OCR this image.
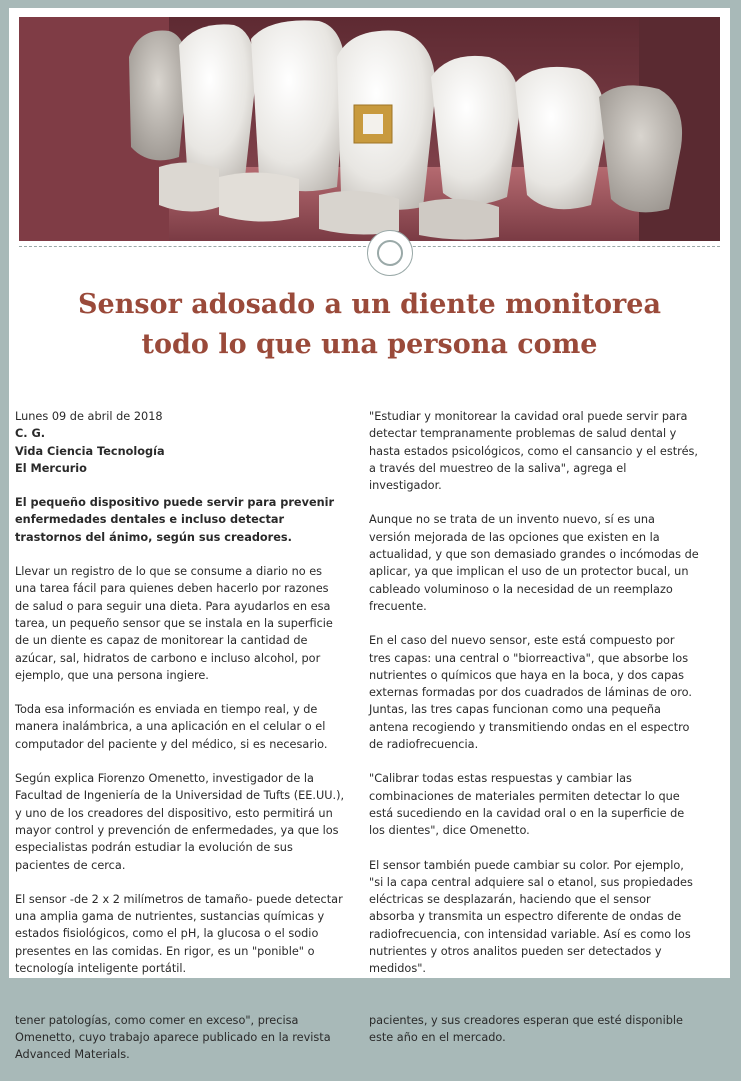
Sensor adosado a un diente monitorea
todo lo que una persona come
Lunes 09 de abril de 2018
C. G.
Vida Ciencia Tecnología
El Mercurio

El pequeño dispositivo puede servir para prevenir enfermedades dentales e incluso detectar trastornos del ánimo, según sus creadores.

Llevar un registro de lo que se consume a diario no es una tarea fácil para quienes deben hacerlo por razones de salud o para seguir una dieta. Para ayudarlos en esa tarea, un pequeño sensor que se instala en la superficie de un diente es capaz de monitorear la cantidad de azúcar, sal, hidratos de carbono e incluso alcohol, por ejemplo, que una persona ingiere.

Toda esa información es enviada en tiempo real, y de manera inalámbrica, a una aplicación en el celular o el computador del paciente y del médico, si es necesario.

Según explica Fiorenzo Omenetto, investigador de la Facultad de Ingeniería de la Universidad de Tufts (EE.UU.), y uno de los creadores del dispositivo, esto permitirá un mayor control y prevención de enfermedades, ya que los especialistas podrán estudiar la evolución de sus pacientes de cerca.

El sensor -de 2 x 2 milímetros de tamaño- puede detectar una amplia gama de nutrientes, sustancias químicas y estados fisiológicos, como el pH, la glucosa o el sodio presentes en las comidas. En rigor, es un "ponible" o tecnología inteligente portátil.

tener patologías, como comer en exceso", precisa Omenetto, cuyo trabajo aparece publicado en la revista Advanced Materials.

"Estudiar y monitorear la cavidad oral puede servir para detectar tempranamente problemas de salud dental y hasta estados psicológicos, como el cansancio y el estrés, a través del muestreo de la saliva", agrega el investigador.

Aunque no se trata de un invento nuevo, sí es una versión mejorada de las opciones que existen en la actualidad, y que son demasiado grandes o incómodas de aplicar, ya que implican el uso de un protector bucal, un cableado voluminoso o la necesidad de un reemplazo frecuente.

En el caso del nuevo sensor, este está compuesto por tres capas: una central o "biorreactiva", que absorbe los nutrientes o químicos que haya en la boca, y dos capas externas formadas por dos cuadrados de láminas de oro. Juntas, las tres capas funcionan como una pequeña antena recogiendo y transmitiendo ondas en el espectro de radiofrecuencia.

"Calibrar todas estas respuestas y cambiar las combinaciones de materiales permiten detectar lo que está sucediendo en la cavidad oral o en la superficie de los dientes", dice Omenetto.

El sensor también puede cambiar su color. Por ejemplo, "si la capa central adquiere sal o etanol, sus propiedades eléctricas se desplazarán, haciendo que el sensor absorba y transmita un espectro diferente de ondas de radiofrecuencia, con intensidad variable. Así es como los nutrientes y otros analitos pueden ser detectados y medidos".

pacientes, y sus creadores esperan que esté disponible este año en el mercado.
